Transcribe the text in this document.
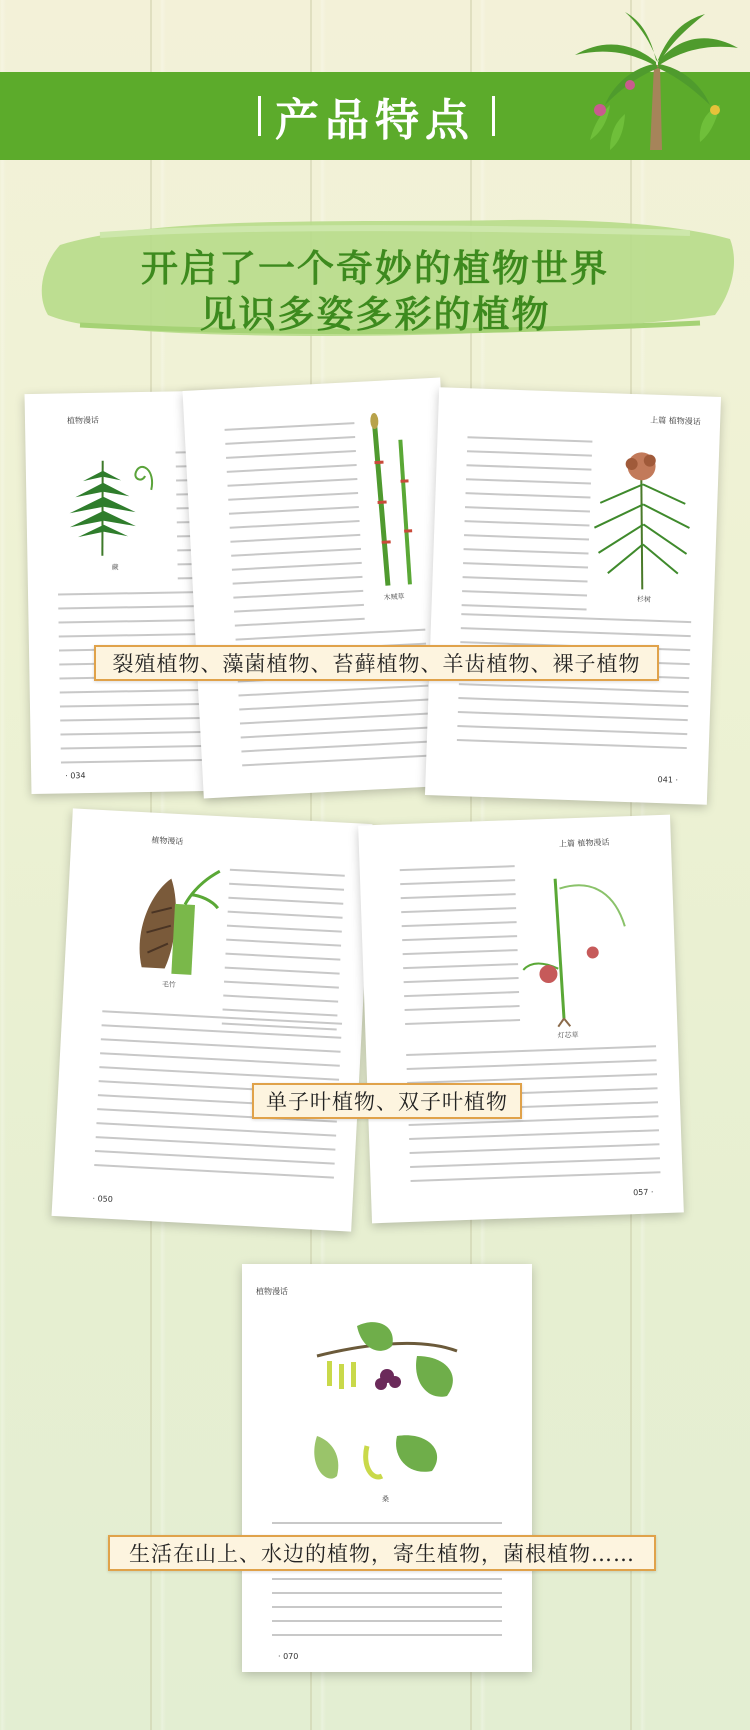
产品特点
开启了一个奇妙的植物世界
见识多姿多彩的植物
植物漫话
蕨
· 034
木贼草
上篇 植物漫话
杉树
041 ·
裂殖植物、藻菌植物、苔藓植物、羊齿植物、裸子植物
植物漫话
毛竹
· 050
上篇 植物漫话
灯芯草
057 ·
单子叶植物、双子叶植物
植物漫话
桑
· 070
生活在山上、水边的植物，寄生植物，菌根植物……
